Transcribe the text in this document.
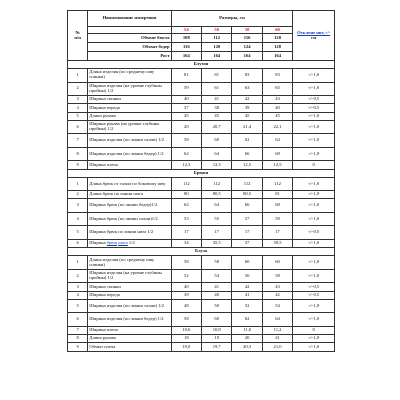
№
п/п	Наименование измерения	Размеры, см				Отклоне ние,+/-
см
		54	56	58	60	
	Обхват бюста	108	112	116	120	
	Обхват бедер	116	120	124	128	
	Рост	164	164	164	164	
Блузон						
1	Длина изделия (по среднему шву спинки)	81	81	83	83	+/-1,0
2	Ширина изделия (на уровне глубины проймы) 1/2	59	61	63	65	+/-1,0
3	Ширина спинки	40	41	42	43	+/-0,5
4	Ширина переда	37	38	39	40	+/-0,5
5	Длина рукава	45	45	45	45	+/-1,0
6	Ширина рукава (на уровне глубины проймы) 1/2	20	20,7	21,4	22,1	+/-1,0
7	Ширина изделия (по линии талии) 1/2	58	60	62	64	+/-1,0
8	Ширина изделия (по линии бедер) 1/2	62	64	66	68	+/-1,0
9	Ширина плеча	12,3	12,3	12,5	12,5	0
Брюки						
1	Длина брюк от талии по боковому шву	112	112	112	112	+/-1,0
2	Длина брюк по линии шага	80	80,5	80,5	81	+/-1,0
3	Ширина брюк (по линии бедер)1/2	62	64	66	68	+/-1,0
4	Ширина брюк (по линии талии)1/2	53	55	57	59	+/-1,0
5	Ширина брюк по линии низа 1/2	17	17	17	17	+/-0,5
6	Ширина брюк шага 1/2	34	35,5	37	39,5	+/-1,0
Блуза						
1	Длина изделия (по среднему шву спинки)	58	58	60	60	+/-1,0
2	Ширина изделия (на уровне глубины проймы) 1/2	52	54	56	58	+/-1,0
3	Ширина спинки	40	41	42	43	+/-0,5
4	Ширина переда	39	40	41	42	+/-0,5
5	Ширина изделия (по линии талии) 1/2	48	50	52	54	+/-1,0
6	Ширина изделия (по линии бедер) 1/2	58	60	62	64	+/-1,0
7	Ширина плеча	10,6	10,8	11,0	11,2	0
8	Длина рукава	18	19	20	21	+/-1,0
9	Обхват плеча	19,0	19,7	20,3	21,0	+/-1,0
